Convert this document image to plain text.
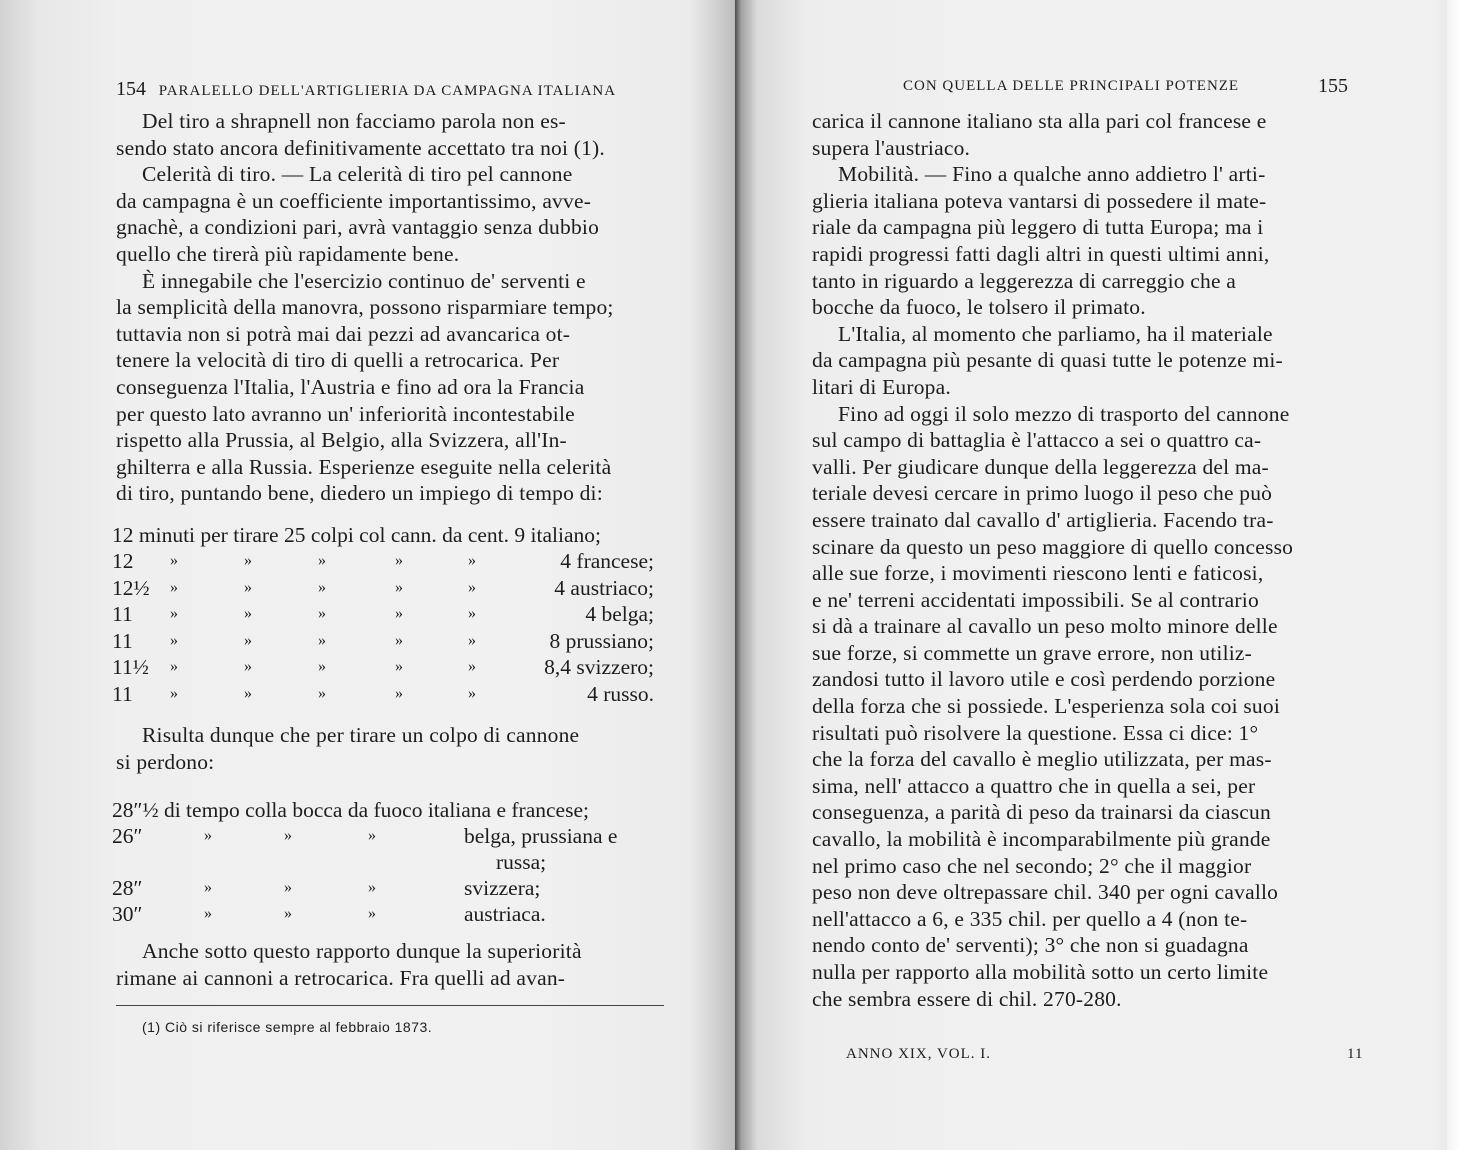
154 PARALELLO DELL'ARTIGLIERIA DA CAMPAGNA ITALIANA
Del tiro a shrapnell non facciamo parola non es-
sendo stato ancora definitivamente accettato tra noi (1).
Celerità di tiro. — La celerità di tiro pel cannone
da campagna è un coefficiente importantissimo, avve-
gnachè, a condizioni pari, avrà vantaggio senza dubbio
quello che tirerà più rapidamente bene.
È innegabile che l'esercizio continuo de' serventi e
la semplicità della manovra, possono risparmiare tempo;
tuttavia non si potrà mai dai pezzi ad avancarica ot-
tenere la velocità di tiro di quelli a retrocarica. Per
conseguenza l'Italia, l'Austria e fino ad ora la Francia
per questo lato avranno un' inferiorità incontestabile
rispetto alla Prussia, al Belgio, alla Svizzera, all'In-
ghilterra e alla Russia. Esperienze eseguite nella celerità
di tiro, puntando bene, diedero un impiego di tempo di:
12 minuti per tirare 25 colpi col cann. da cent. 9 italiano;
12 »	»	»	»	»	4 francese;
12½ »	»	»	»	»	4 austriaco;
11 »	»	»	»	»	4 belga;
11 »	»	»	»	»	8 prussiano;
11½ »	»	»	»	»	8,4 svizzero;
11 »	»	»	»	»	4 russo.
Risulta dunque che per tirare un colpo di cannone
si perdono:
28″½ di tempo colla bocca da fuoco italiana e francese;
26″	»	»	»	belga, prussiana e
russa;
28″	»	»	»	svizzera;
30″	»	»	»	austriaca.
Anche sotto questo rapporto dunque la superiorità
rimane ai cannoni a retrocarica. Fra quelli ad avan-
(1) Ciò si riferisce sempre al febbraio 1873.
CON QUELLA DELLE PRINCIPALI POTENZE	155
carica il cannone italiano sta alla pari col francese e
supera l'austriaco.
Mobilità. — Fino a qualche anno addietro l' arti-
glieria italiana poteva vantarsi di possedere il mate-
riale da campagna più leggero di tutta Europa; ma i
rapidi progressi fatti dagli altri in questi ultimi anni,
tanto in riguardo a leggerezza di carreggio che a
bocche da fuoco, le tolsero il primato.
L'Italia, al momento che parliamo, ha il materiale
da campagna più pesante di quasi tutte le potenze mi-
litari di Europa.
Fino ad oggi il solo mezzo di trasporto del cannone
sul campo di battaglia è l'attacco a sei o quattro ca-
valli. Per giudicare dunque della leggerezza del ma-
teriale devesi cercare in primo luogo il peso che può
essere trainato dal cavallo d' artiglieria. Facendo tra-
scinare da questo un peso maggiore di quello concesso
alle sue forze, i movimenti riescono lenti e faticosi,
e ne' terreni accidentati impossibili. Se al contrario
si dà a trainare al cavallo un peso molto minore delle
sue forze, si commette un grave errore, non utiliz-
zandosi tutto il lavoro utile e così perdendo porzione
della forza che si possiede. L'esperienza sola coi suoi
risultati può risolvere la questione. Essa ci dice: 1°
che la forza del cavallo è meglio utilizzata, per mas-
sima, nell' attacco a quattro che in quella a sei, per
conseguenza, a parità di peso da trainarsi da ciascun
cavallo, la mobilità è incomparabilmente più grande
nel primo caso che nel secondo; 2° che il maggior
peso non deve oltrepassare chil. 340 per ogni cavallo
nell'attacco a 6, e 335 chil. per quello a 4 (non te-
nendo conto de' serventi); 3° che non si guadagna
nulla per rapporto alla mobilità sotto un certo limite
che sembra essere di chil. 270-280.
ANNO XIX, VOL. I.	11
